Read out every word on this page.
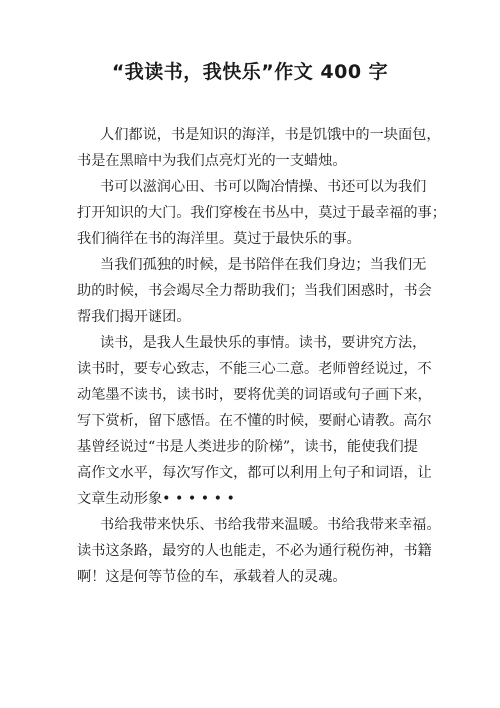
“我读书，我快乐”作文 400 字
人们都说，书是知识的海洋，书是饥饿中的一块面包，
书是在黑暗中为我们点亮灯光的一支蜡烛。
书可以滋润心田、书可以陶冶情操、书还可以为我们
打开知识的大门。我们穿梭在书丛中，莫过于最幸福的事；
我们徜徉在书的海洋里。莫过于最快乐的事。
当我们孤独的时候，是书陪伴在我们身边；当我们无
助的时候，书会竭尽全力帮助我们；当我们困惑时，书会
帮我们揭开谜团。
读书，是我人生最快乐的事情。读书，要讲究方法，
读书时，要专心致志，不能三心二意。老师曾经说过，不
动笔墨不读书，读书时，要将优美的词语或句子画下来，
写下赏析，留下感悟。在不懂的时候，要耐心请教。高尔
基曾经说过“书是人类进步的阶梯”，读书，能使我们提
高作文水平，每次写作文，都可以利用上句子和词语，让
文章生动形象• • • • • •
书给我带来快乐、书给我带来温暖。书给我带来幸福。
读书这条路，最穷的人也能走，不必为通行税伤神，书籍
啊！这是何等节俭的车，承载着人的灵魂。
